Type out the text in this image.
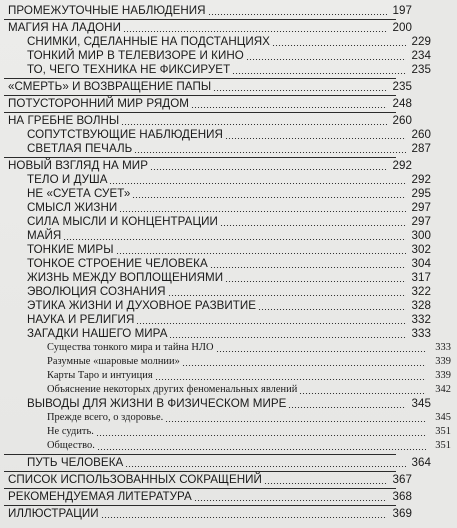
ПРОМЕЖУТОЧНЫЕ НАБЛЮДЕНИЯ	197
МАГИЯ НА ЛАДОНИ	200
СНИМКИ, СДЕЛАННЫЕ НА ПОДСТАНЦИЯХ	229
ТОНКИЙ МИР В ТЕЛЕВИЗОРЕ И КИНО	234
ТО, ЧЕГО ТЕХНИКА НЕ ФИКСИРУЕТ	235
«СМЕРТЬ» И ВОЗВРАЩЕНИЕ ПАПЫ	235
ПОТУСТОРОННИЙ МИР РЯДОМ	248
НА ГРЕБНЕ ВОЛНЫ	260
СОПУТСТВУЮЩИЕ НАБЛЮДЕНИЯ	260
СВЕТЛАЯ ПЕЧАЛЬ	287
НОВЫЙ ВЗГЛЯД НА МИР	292
ТЕЛО И ДУША	292
НЕ «СУЕТА СУЕТ»	295
СМЫСЛ ЖИЗНИ	297
СИЛА МЫСЛИ И КОНЦЕНТРАЦИИ	297
МАЙЯ	300
ТОНКИЕ МИРЫ	302
ТОНКОЕ СТРОЕНИЕ ЧЕЛОВЕКА	304
ЖИЗНЬ МЕЖДУ ВОПЛОЩЕНИЯМИ	317
ЭВОЛЮЦИЯ СОЗНАНИЯ	322
ЭТИКА ЖИЗНИ И ДУХОВНОЕ РАЗВИТИЕ	328
НАУКА И РЕЛИГИЯ	332
ЗАГАДКИ НАШЕГО МИРА	333
Существа тонкого мира и тайна НЛО	333
Разумные «шаровые молнии»	339
Карты Таро и интуиция	339
Объяснение некоторых других феноменальных явлений	342
ВЫВОДЫ ДЛЯ ЖИЗНИ В ФИЗИЧЕСКОМ МИРЕ	345
Прежде всего, о здоровье.	345
Не судить.	351
Общество.	351
ПУТЬ ЧЕЛОВЕКА	364
СПИСОК ИСПОЛЬЗОВАННЫХ СОКРАЩЕНИЙ	367
РЕКОМЕНДУЕМАЯ ЛИТЕРАТУРА	368
ИЛЛЮСТРАЦИИ	369
